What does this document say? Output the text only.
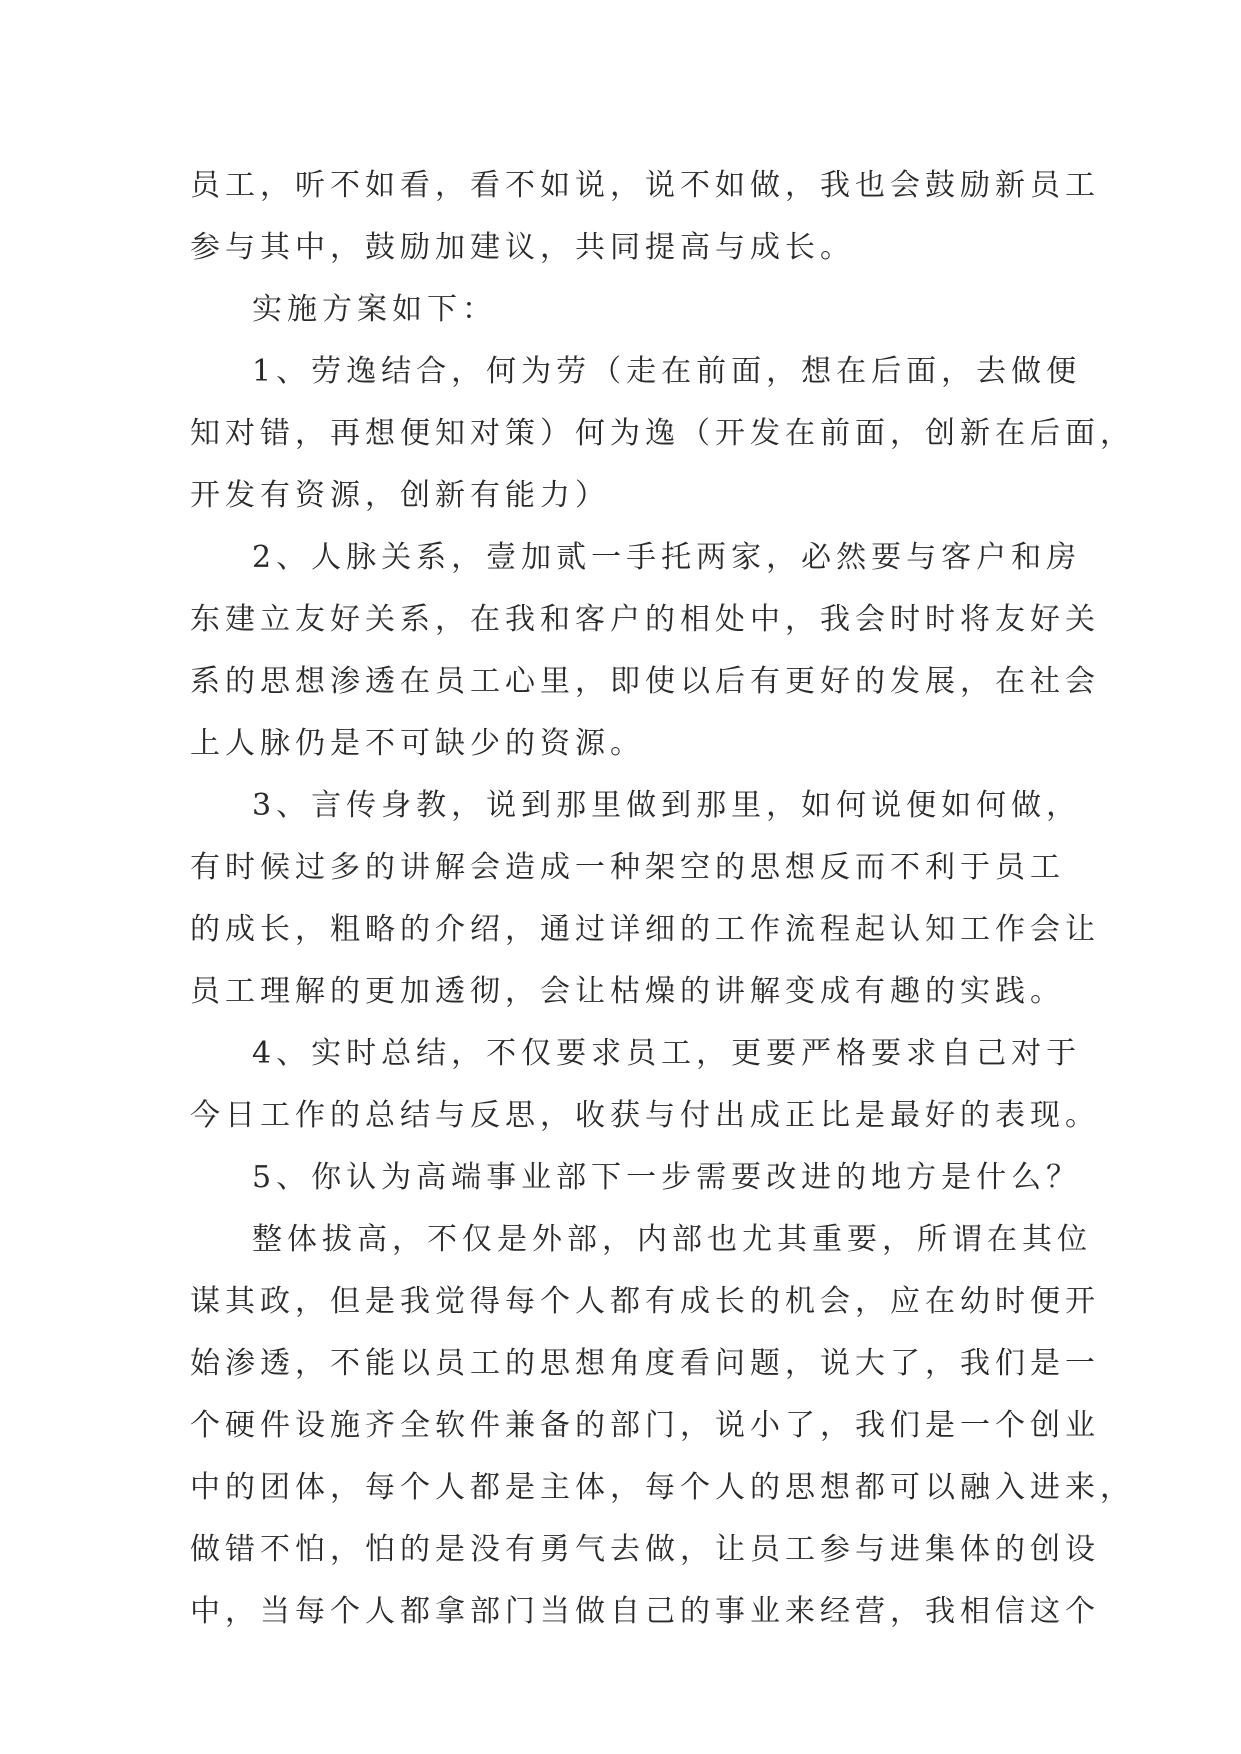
员工，听不如看，看不如说，说不如做，我也会鼓励新员工
参与其中，鼓励加建议，共同提高与成长。
实施方案如下：
1、劳逸结合，何为劳（走在前面，想在后面，去做便
知对错，再想便知对策）何为逸（开发在前面，创新在后面，
开发有资源，创新有能力）
2、人脉关系，壹加贰一手托两家，必然要与客户和房
东建立友好关系，在我和客户的相处中，我会时时将友好关
系的思想渗透在员工心里，即使以后有更好的发展，在社会
上人脉仍是不可缺少的资源。
3、言传身教，说到那里做到那里，如何说便如何做，
有时候过多的讲解会造成一种架空的思想反而不利于员工
的成长，粗略的介绍，通过详细的工作流程起认知工作会让
员工理解的更加透彻，会让枯燥的讲解变成有趣的实践。
4、实时总结，不仅要求员工，更要严格要求自己对于
今日工作的总结与反思，收获与付出成正比是最好的表现。
5、你认为高端事业部下一步需要改进的地方是什么？
整体拔高，不仅是外部，内部也尤其重要，所谓在其位
谋其政，但是我觉得每个人都有成长的机会，应在幼时便开
始渗透，不能以员工的思想角度看问题，说大了，我们是一
个硬件设施齐全软件兼备的部门，说小了，我们是一个创业
中的团体，每个人都是主体，每个人的思想都可以融入进来，
做错不怕，怕的是没有勇气去做，让员工参与进集体的创设
中，当每个人都拿部门当做自己的事业来经营，我相信这个
